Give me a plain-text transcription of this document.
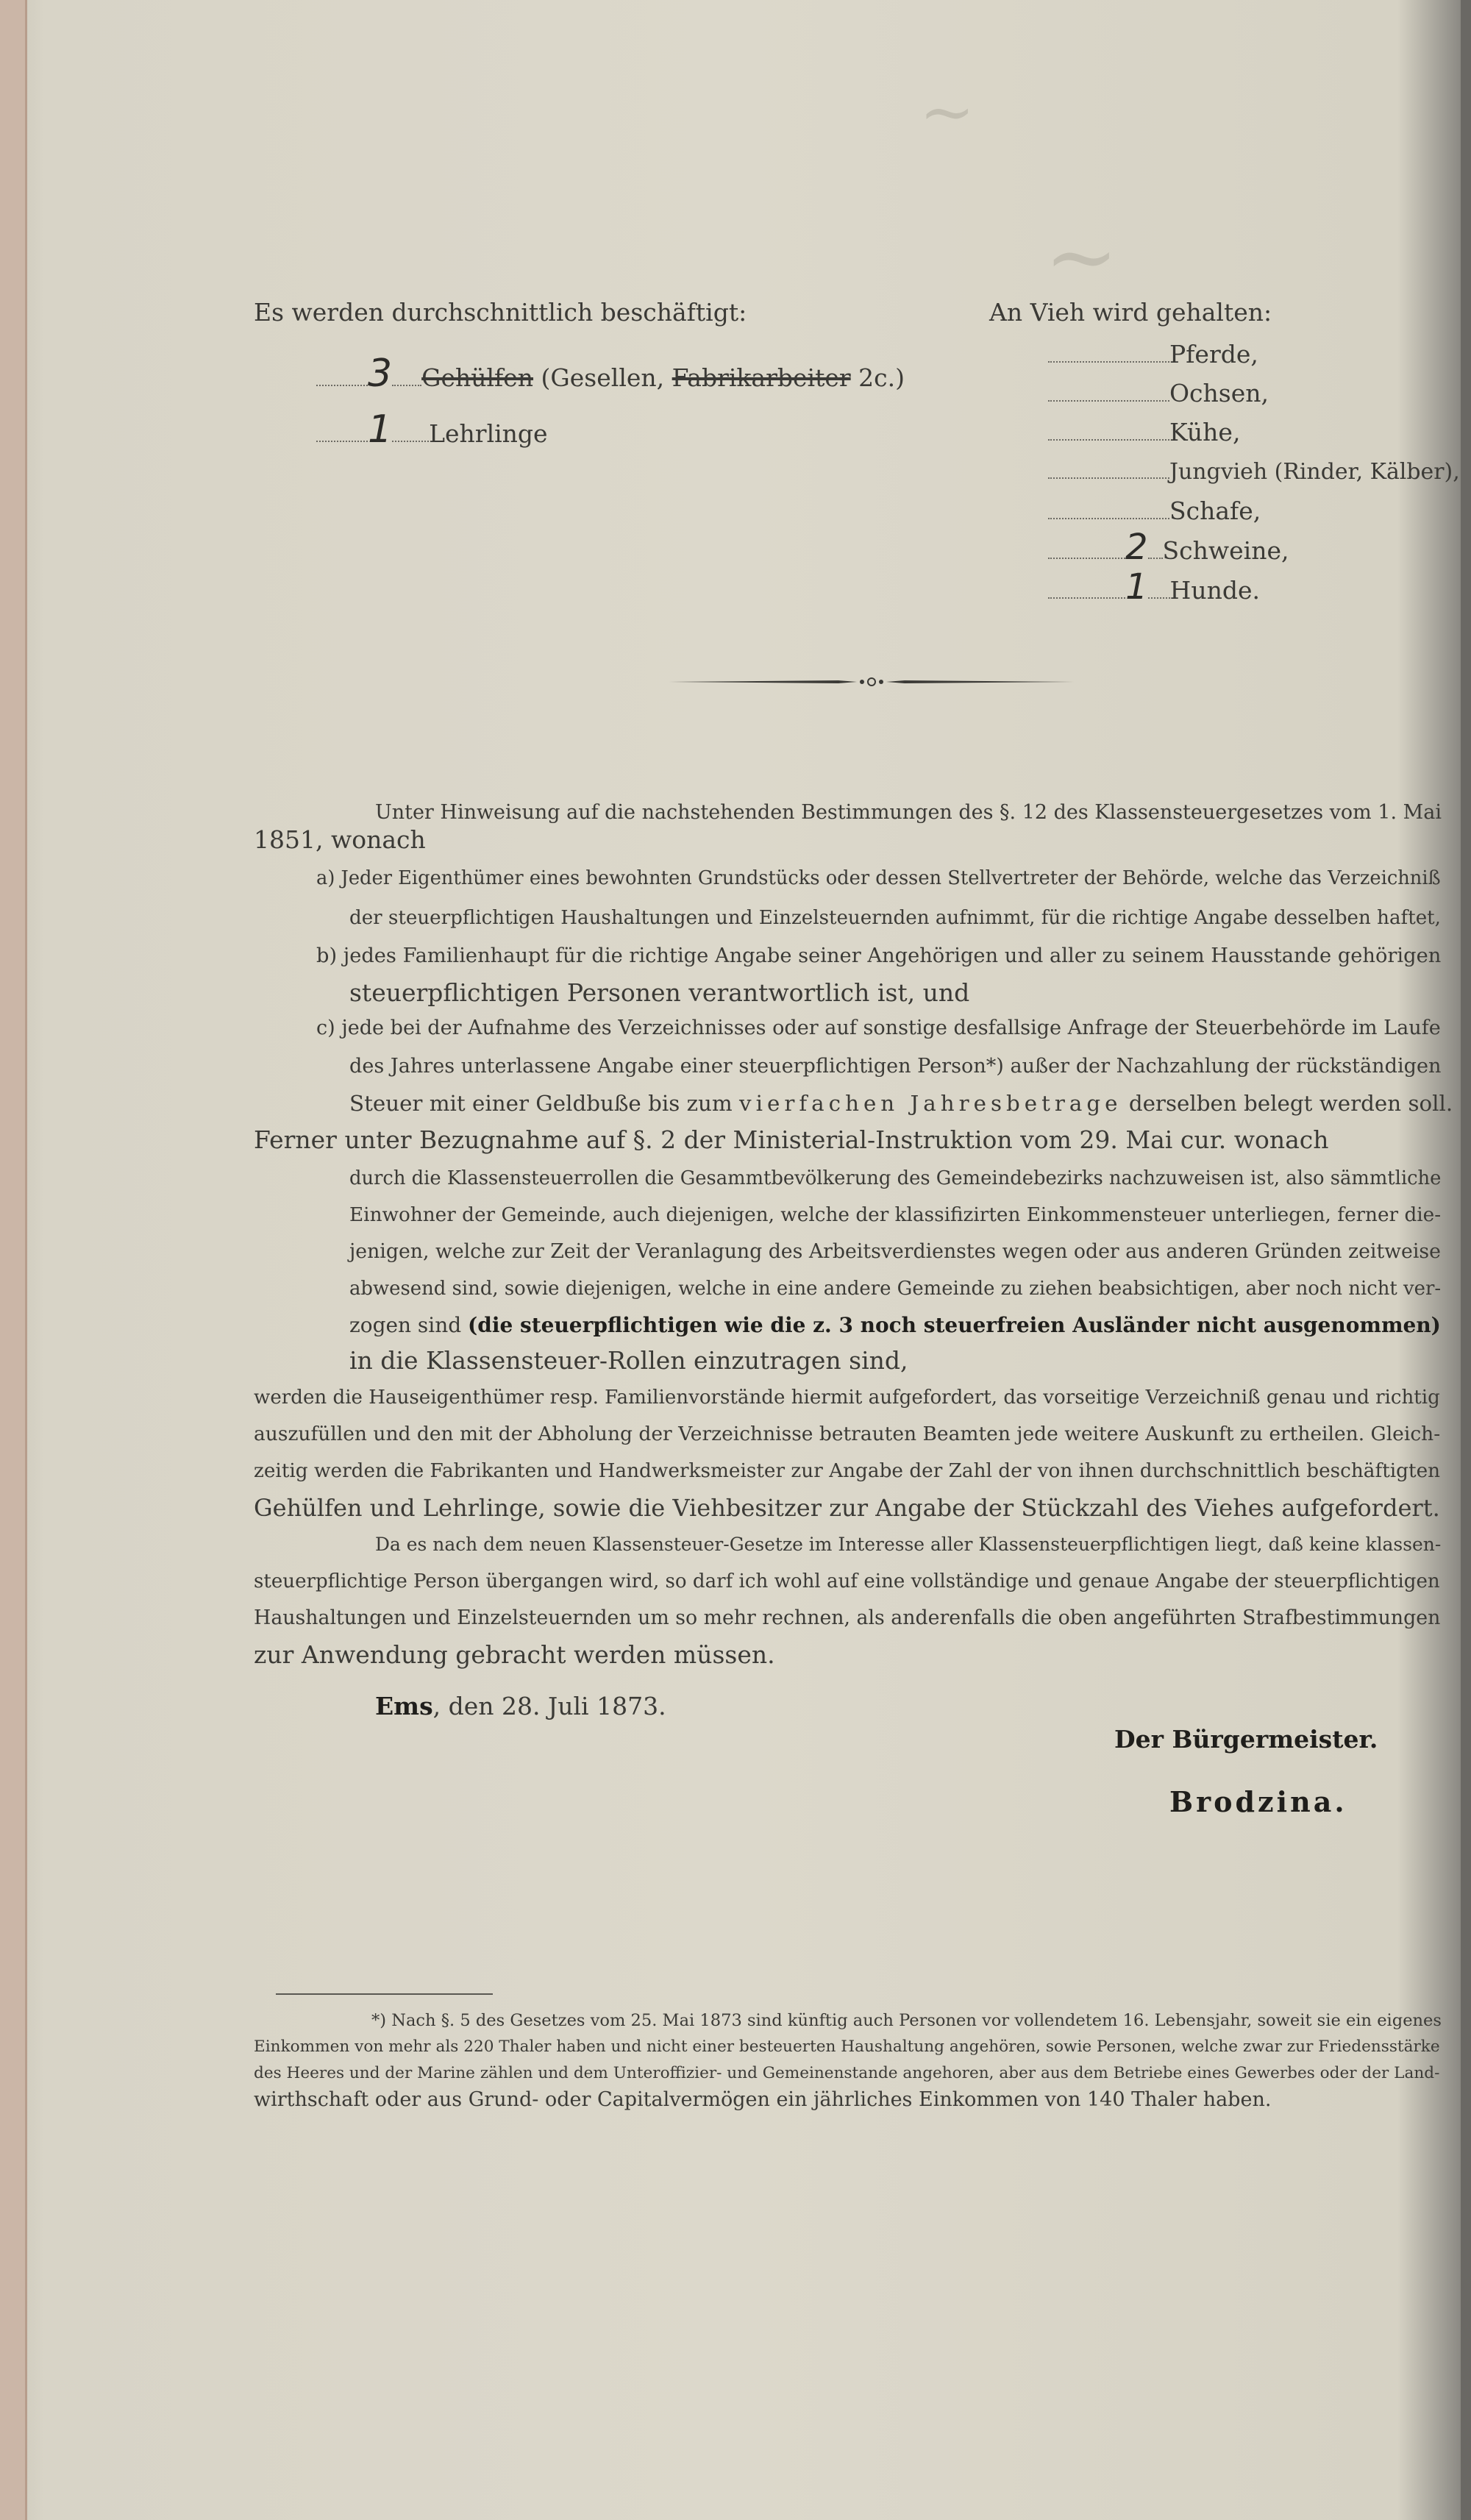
~
~
Es werden durchschnittlich beschäftigt:
3 Gehülfen (Gesellen, Fabrikarbeiter 2c.)
1 Lehrlinge
An Vieh wird gehalten:
Pferde,
Ochsen,
Kühe,
Jungvieh (Rinder, Kälber),
Schafe,
2 Schweine,
1 Hunde.
Unter Hinweisung auf die nachstehenden Bestimmungen des §. 12 des Klassensteuergesetzes vom 1. Mai
1851, wonach
a) Jeder Eigenthümer eines bewohnten Grundstücks oder dessen Stellvertreter der Behörde, welche das Verzeichniß
der steuerpflichtigen Haushaltungen und Einzelsteuernden aufnimmt, für die richtige Angabe desselben haftet,
b) jedes Familienhaupt für die richtige Angabe seiner Angehörigen und aller zu seinem Hausstande gehörigen
steuerpflichtigen Personen verantwortlich ist, und
c) jede bei der Aufnahme des Verzeichnisses oder auf sonstige desfallsige Anfrage der Steuerbehörde im Laufe
des Jahres unterlassene Angabe einer steuerpflichtigen Person*) außer der Nachzahlung der rückständigen
Steuer mit einer Geldbuße bis zum vierfachen Jahresbetrage derselben belegt werden soll.
Ferner unter Bezugnahme auf §. 2 der Ministerial-Instruktion vom 29. Mai cur. wonach
durch die Klassensteuerrollen die Gesammtbevölkerung des Gemeindebezirks nachzuweisen ist, also sämmtliche
Einwohner der Gemeinde, auch diejenigen, welche der klassifizirten Einkommensteuer unterliegen, ferner die-
jenigen, welche zur Zeit der Veranlagung des Arbeitsverdienstes wegen oder aus anderen Gründen zeitweise
abwesend sind, sowie diejenigen, welche in eine andere Gemeinde zu ziehen beabsichtigen, aber noch nicht ver-
zogen sind (die steuerpflichtigen wie die z. 3 noch steuerfreien Ausländer nicht ausgenommen)
in die Klassensteuer-Rollen einzutragen sind,
werden die Hauseigenthümer resp. Familienvorstände hiermit aufgefordert, das vorseitige Verzeichniß genau und richtig
auszufüllen und den mit der Abholung der Verzeichnisse betrauten Beamten jede weitere Auskunft zu ertheilen. Gleich-
zeitig werden die Fabrikanten und Handwerksmeister zur Angabe der Zahl der von ihnen durchschnittlich beschäftigten
Gehülfen und Lehrlinge, sowie die Viehbesitzer zur Angabe der Stückzahl des Viehes aufgefordert.
Da es nach dem neuen Klassensteuer-Gesetze im Interesse aller Klassensteuerpflichtigen liegt, daß keine klassen-
steuerpflichtige Person übergangen wird, so darf ich wohl auf eine vollständige und genaue Angabe der steuerpflichtigen
Haushaltungen und Einzelsteuernden um so mehr rechnen, als anderenfalls die oben angeführten Strafbestimmungen
zur Anwendung gebracht werden müssen.
Ems, den 28. Juli 1873.
Der Bürgermeister.
Brodzina.
*) Nach §. 5 des Gesetzes vom 25. Mai 1873 sind künftig auch Personen vor vollendetem 16. Lebensjahr, soweit sie ein eigenes
Einkommen von mehr als 220 Thaler haben und nicht einer besteuerten Haushaltung angehören, sowie Personen, welche zwar zur Friedensstärke
des Heeres und der Marine zählen und dem Unteroffizier- und Gemeinenstande angehoren, aber aus dem Betriebe eines Gewerbes oder der Land-
wirthschaft oder aus Grund- oder Capitalvermögen ein jährliches Einkommen von 140 Thaler haben.
